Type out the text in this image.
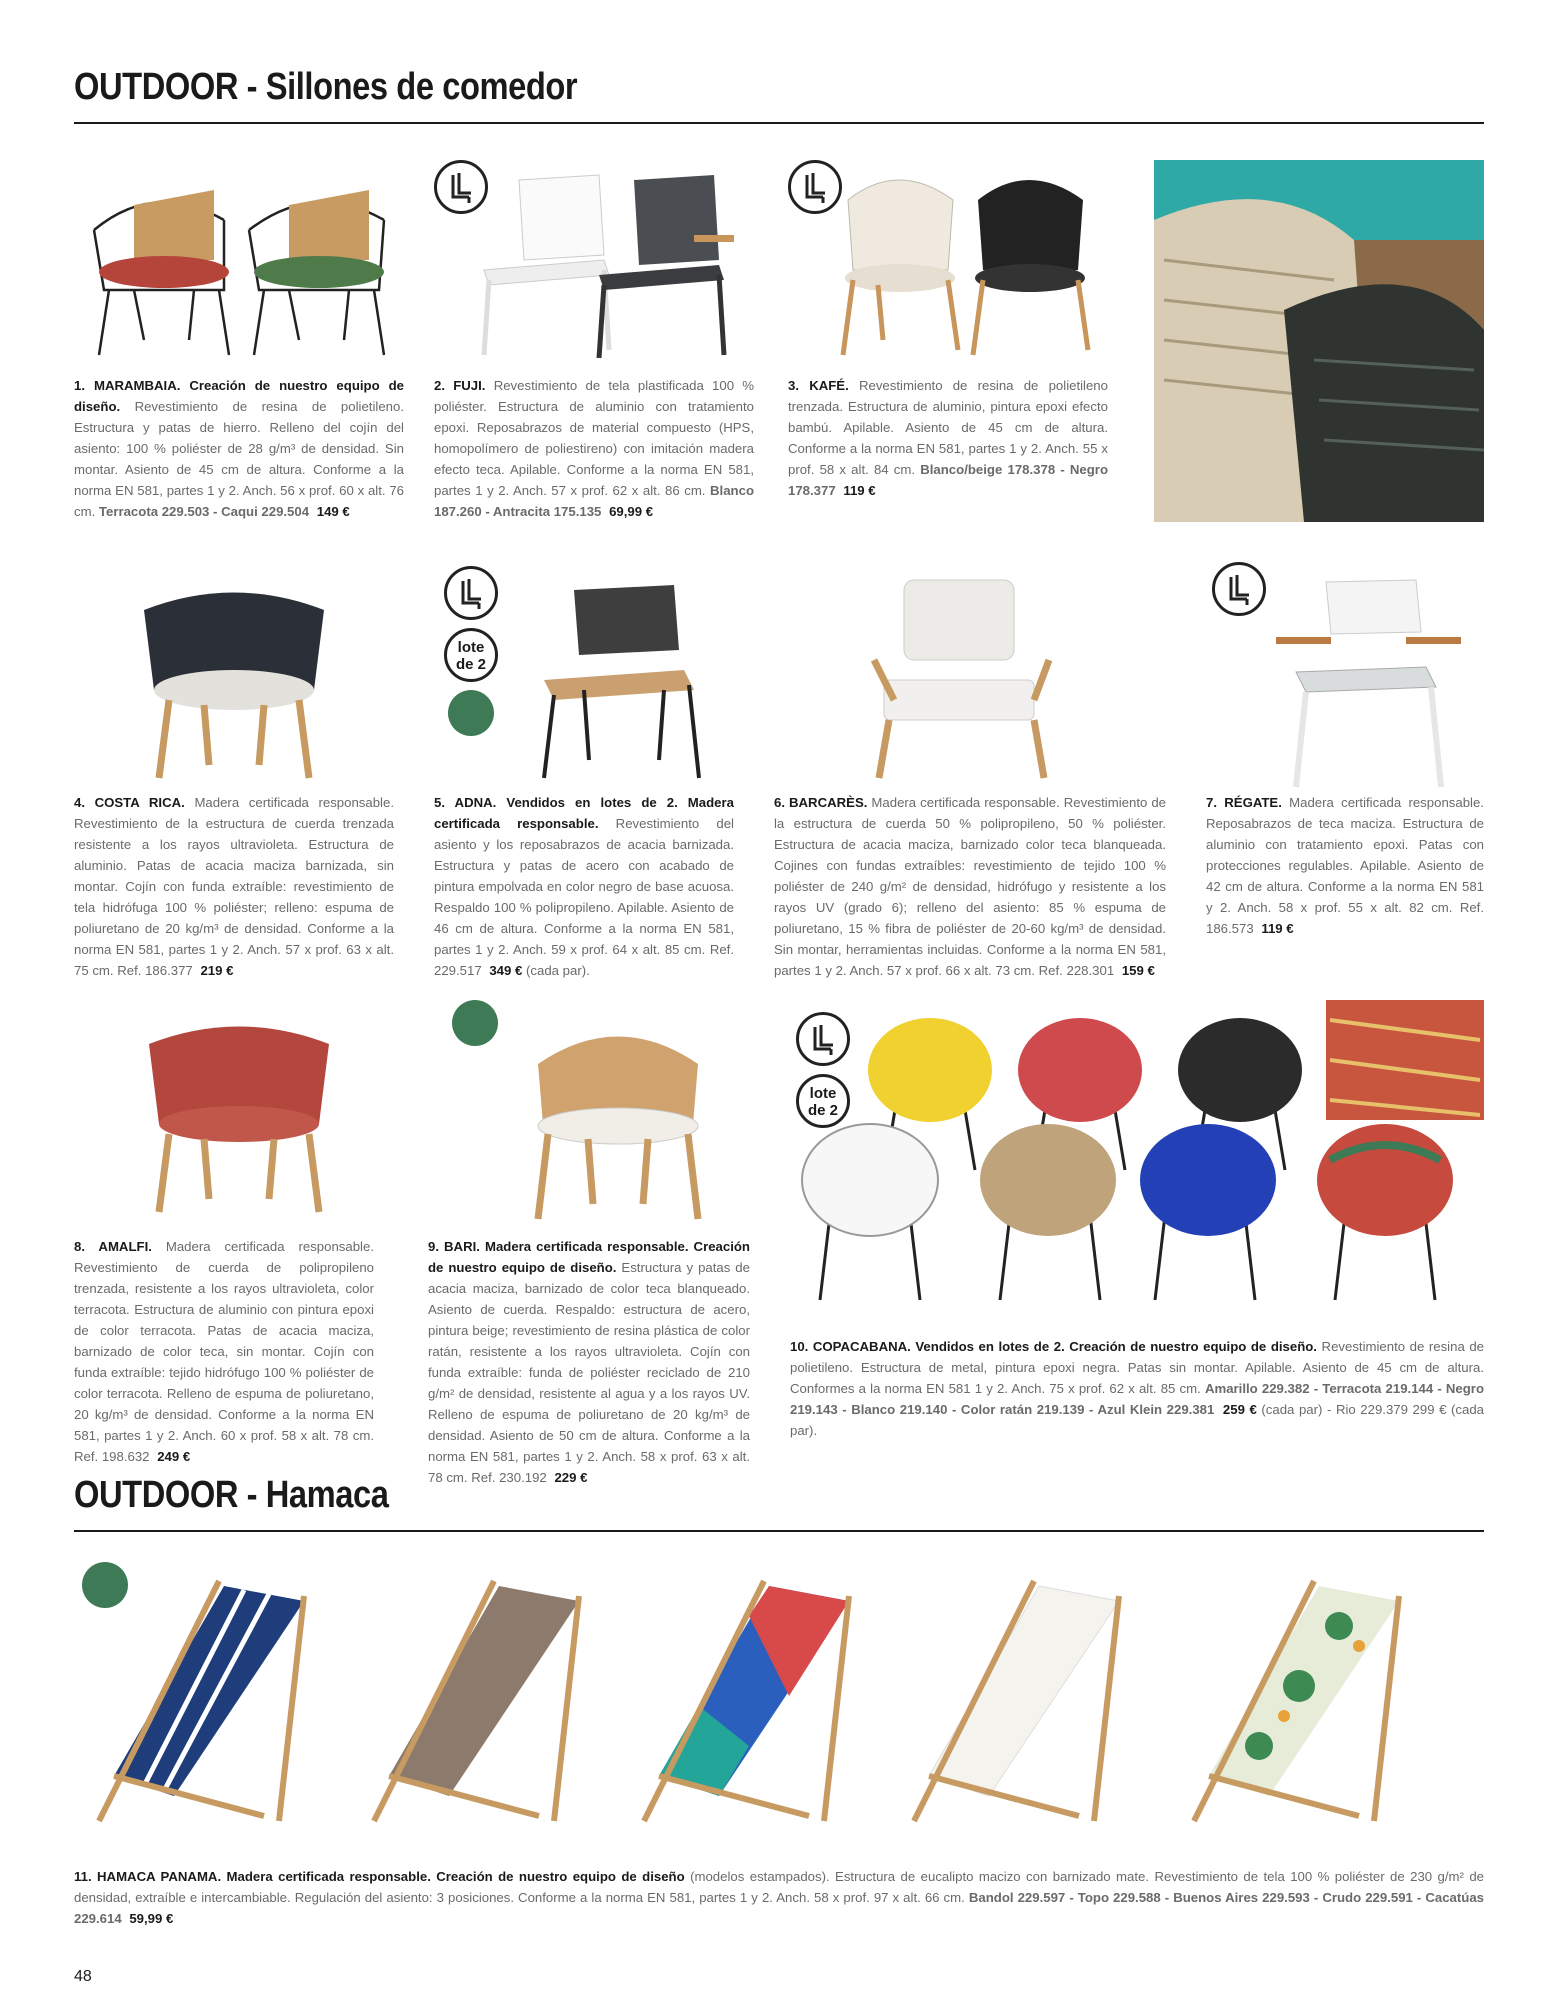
OUTDOOR - Sillones de comedor
1. MARAMBAIA. Creación de nuestro equipo de diseño. Revestimiento de resina de polietileno. Estructura y patas de hierro. Relleno del cojín del asiento: 100 % poliéster de 28 g/m³ de densidad. Sin montar. Asiento de 45 cm de altura. Conforme a la norma EN 581, partes 1 y 2. Anch. 56 x prof. 60 x alt. 76 cm. Terracota 229.503 - Caqui 229.504 149 €
2. FUJI. Revestimiento de tela plastificada 100 % poliéster. Estructura de aluminio con tratamiento epoxi. Reposabrazos de material compuesto (HPS, homopolímero de poliestireno) con imitación madera efecto teca. Apilable. Conforme a la norma EN 581, partes 1 y 2. Anch. 57 x prof. 62 x alt. 86 cm. Blanco 187.260 - Antracita 175.135 69,99 €
3. KAFÉ. Revestimiento de resina de polietileno trenzada. Estructura de aluminio, pintura epoxi efecto bambú. Apilable. Asiento de 45 cm de altura. Conforme a la norma EN 581, partes 1 y 2. Anch. 55 x prof. 58 x alt. 84 cm. Blanco/beige 178.378 - Negro 178.377 119 €
4. COSTA RICA. Madera certificada responsable. Revestimiento de la estructura de cuerda trenzada resistente a los rayos ultravioleta. Estructura de aluminio. Patas de acacia maciza barnizada, sin montar. Cojín con funda extraíble: revestimiento de tela hidrófuga 100 % poliéster; relleno: espuma de poliuretano de 20 kg/m³ de densidad. Conforme a la norma EN 581, partes 1 y 2. Anch. 57 x prof. 63 x alt. 75 cm. Ref. 186.377 219 €
lote de 2
5. ADNA. Vendidos en lotes de 2. Madera certificada responsable. Revestimiento del asiento y los reposabrazos de acacia barnizada. Estructura y patas de acero con acabado de pintura empolvada en color negro de base acuosa. Respaldo 100 % polipropileno. Apilable. Asiento de 46 cm de altura. Conforme a la norma EN 581, partes 1 y 2. Anch. 59 x prof. 64 x alt. 85 cm. Ref. 229.517 349 € (cada par).
6. BARCARÈS. Madera certificada responsable. Revestimiento de la estructura de cuerda 50 % polipropileno, 50 % poliéster. Estructura de acacia maciza, barnizado color teca blanqueada. Cojines con fundas extraíbles: revestimiento de tejido 100 % poliéster de 240 g/m² de densidad, hidrófugo y resistente a los rayos UV (grado 6); relleno del asiento: 85 % espuma de poliuretano, 15 % fibra de poliéster de 20-60 kg/m³ de densidad. Sin montar, herramientas incluidas. Conforme a la norma EN 581, partes 1 y 2. Anch. 57 x prof. 66 x alt. 73 cm. Ref. 228.301 159 €
7. RÉGATE. Madera certificada responsable. Reposabrazos de teca maciza. Estructura de aluminio con tratamiento epoxi. Patas con protecciones regulables. Apilable. Asiento de 42 cm de altura. Conforme a la norma EN 581 y 2. Anch. 58 x prof. 55 x alt. 82 cm. Ref. 186.573 119 €
8. AMALFI. Madera certificada responsable. Revestimiento de cuerda de polipropileno trenzada, resistente a los rayos ultravioleta, color terracota. Estructura de aluminio con pintura epoxi de color terracota. Patas de acacia maciza, barnizado de color teca, sin montar. Cojín con funda extraíble: tejido hidrófugo 100 % poliéster de color terracota. Relleno de espuma de poliuretano, 20 kg/m³ de densidad. Conforme a la norma EN 581, partes 1 y 2. Anch. 60 x prof. 58 x alt. 78 cm. Ref. 198.632 249 €
9. BARI. Madera certificada responsable. Creación de nuestro equipo de diseño. Estructura y patas de acacia maciza, barnizado de color teca blanqueado. Asiento de cuerda. Respaldo: estructura de acero, pintura beige; revestimiento de resina plástica de color ratán, resistente a los rayos ultravioleta. Cojín con funda extraíble: funda de poliéster reciclado de 210 g/m² de densidad, resistente al agua y a los rayos UV. Relleno de espuma de poliuretano de 20 kg/m³ de densidad. Asiento de 50 cm de altura. Conforme a la norma EN 581, partes 1 y 2. Anch. 58 x prof. 63 x alt. 78 cm. Ref. 230.192 229 €
lote de 2
10. COPACABANA. Vendidos en lotes de 2. Creación de nuestro equipo de diseño. Revestimiento de resina de polietileno. Estructura de metal, pintura epoxi negra. Patas sin montar. Apilable. Asiento de 45 cm de altura. Conformes a la norma EN 581 1 y 2. Anch. 75 x prof. 62 x alt. 85 cm. Amarillo 229.382 - Terracota 219.144 - Negro 219.143 - Blanco 219.140 - Color ratán 219.139 - Azul Klein 229.381 259 € (cada par) - Rio 229.379 299 € (cada par).
OUTDOOR - Hamaca
11. HAMACA PANAMA. Madera certificada responsable. Creación de nuestro equipo de diseño (modelos estampados). Estructura de eucalipto macizo con barnizado mate. Revestimiento de tela 100 % poliéster de 230 g/m² de densidad, extraíble e intercambiable. Regulación del asiento: 3 posiciones. Conforme a la norma EN 581, partes 1 y 2. Anch. 58 x prof. 97 x alt. 66 cm. Bandol 229.597 - Topo 229.588 - Buenos Aires 229.593 - Crudo 229.591 - Cacatúas 229.614 59,99 €
48
